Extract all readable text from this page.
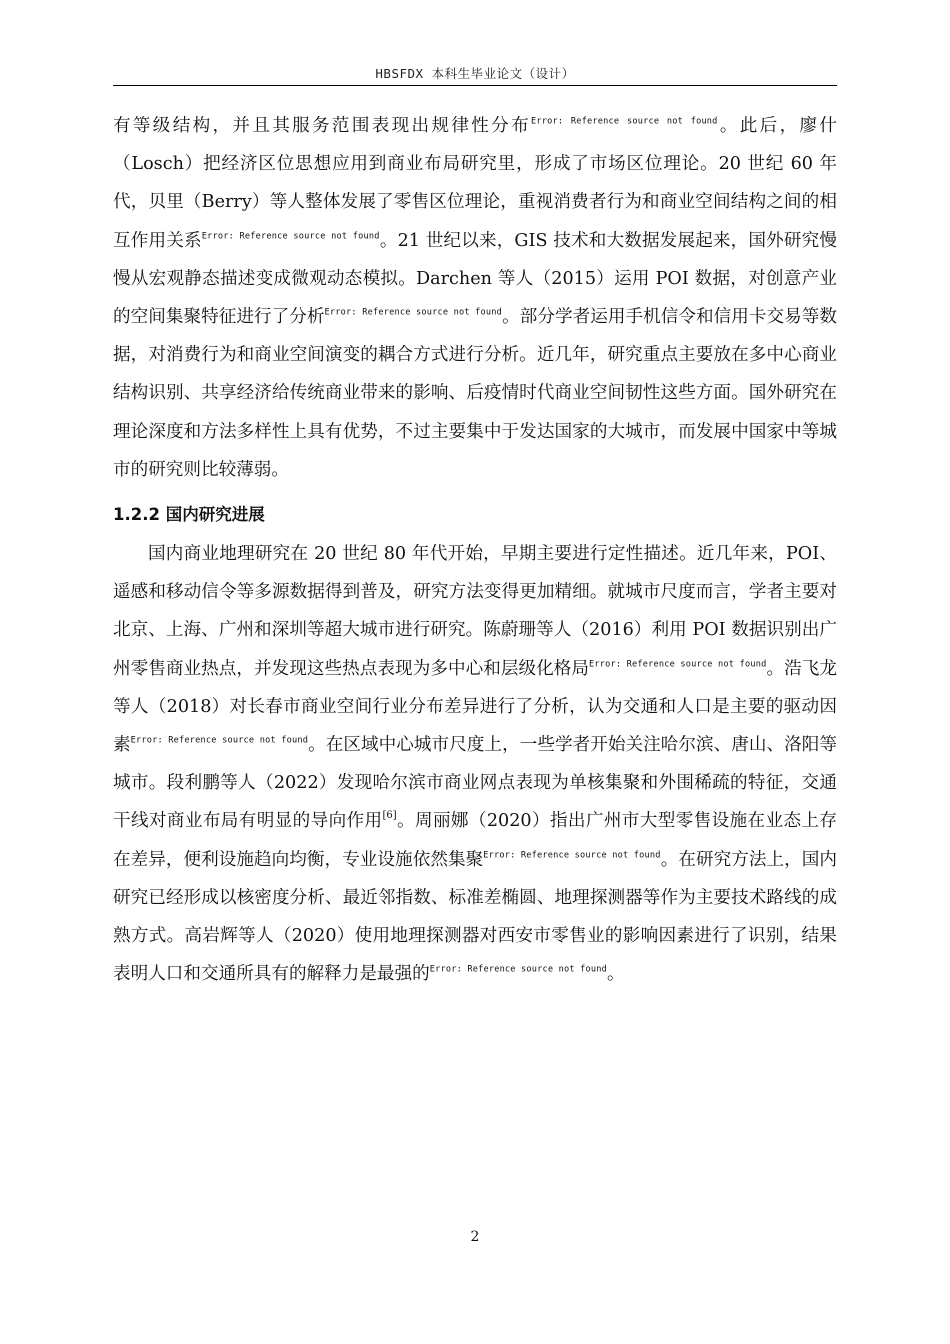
HBSFDX 本科生毕业论文（设计）

有等级结构，并且其服务范围表现出规律性分布$^{Error: Reference source not found}$。此后，廖什（Losch）把经济区位思想应用到商业布局研究里，形成了市场区位理论。20 世纪 60 年代，贝里（Berry）等人整体发展了零售区位理论，重视消费者行为和商业空间结构之间的相互作用关系$^{Error: Reference source not found}$。21 世纪以来，GIS 技术和大数据发展起来，国外研究慢慢从宏观静态描述变成微观动态模拟。Darchen 等人（2015）运用 POI 数据，对创意产业的空间集聚特征进行了分析$^{Error: Reference source not found}$。部分学者运用手机信令和信用卡交易等数据，对消费行为和商业空间演变的耦合方式进行分析。近几年，研究重点主要放在多中心商业结构识别、共享经济给传统商业带来的影响、后疫情时代商业空间韧性这些方面。国外研究在理论深度和方法多样性上具有优势，不过主要集中于发达国家的大城市，而发展中国家中等城市的研究则比较薄弱。

1.2.2 国内研究进展

国内商业地理研究在 20 世纪 80 年代开始，早期主要进行定性描述。近几年来，POI、遥感和移动信令等多源数据得到普及，研究方法变得更加精细。就城市尺度而言，学者主要对北京、上海、广州和深圳等超大城市进行研究。陈蔚珊等人（2016）利用 POI 数据识别出广州零售商业热点，并发现这些热点表现为多中心和层级化格局$^{Error: Reference source not found}$。浩飞龙等人（2018）对长春市商业空间行业分布差异进行了分析，认为交通和人口是主要的驱动因素$^{Error: Reference source not found}$。在区域中心城市尺度上，一些学者开始关注哈尔滨、唐山、洛阳等城市。段利鹏等人（2022）发现哈尔滨市商业网点表现为单核集聚和外围稀疏的特征，交通干线对商业布局有明显的导向作用[6]。周丽娜（2020）指出广州市大型零售设施在业态上存在差异，便利设施趋向均衡，专业设施依然集聚$^{Error: Reference source not found}$。在研究方法上，国内研究已经形成以核密度分析、最近邻指数、标准差椭圆、地理探测器等作为主要技术路线的成熟方式。高岩辉等人（2020）使用地理探测器对西安市零售业的影响因素进行了识别，结果表明人口和交通所具有的解释力是最强的$^{Error: Reference source not found}$。

2
